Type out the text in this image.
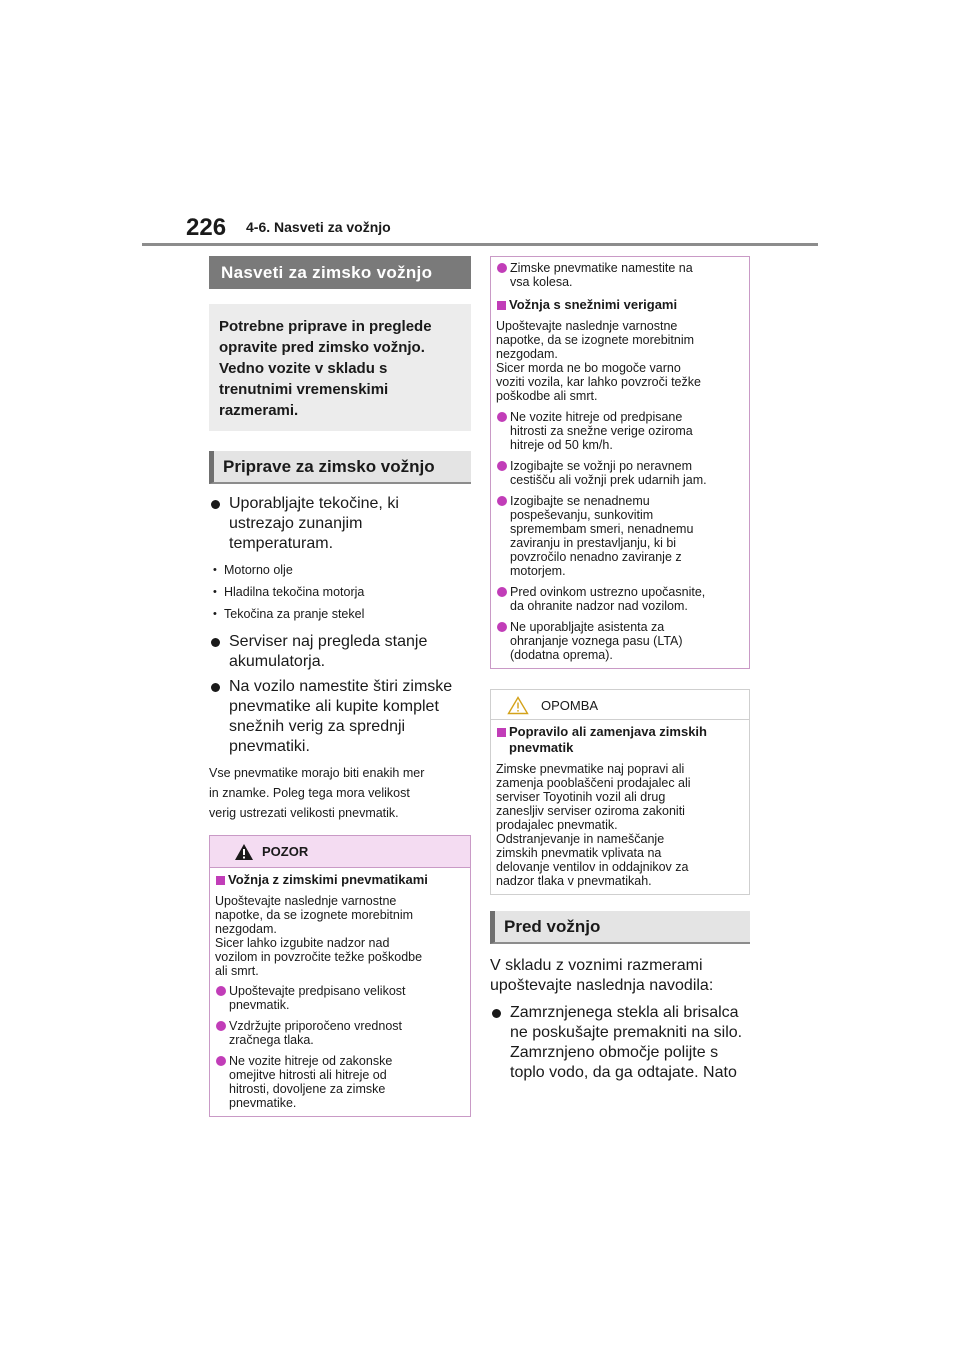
226 4-6. Nasveti za vožnjo
Nasveti za zimsko vožnjo
Potrebne priprave in preglede
opravite pred zimsko vožnjo.
Vedno vozite v skladu s
trenutnimi vremenskimi
razmerami.
Priprave za zimsko vožnjo
Uporabljajte tekočine, ki
ustrezajo zunanjim
temperaturam.
• Motorno olje
• Hladilna tekočina motorja
• Tekočina za pranje stekel
Serviser naj pregleda stanje
akumulatorja.
Na vozilo namestite štiri zimske
pnevmatike ali kupite komplet
snežnih verig za sprednji
pnevmatiki.
Vse pnevmatike morajo biti enakih mer
in znamke. Poleg tega mora velikost
verig ustrezati velikosti pnevmatik.
POZOR
Vožnja z zimskimi pnevmatikami
Upoštevajte naslednje varnostne
napotke, da se izognete morebitnim
nezgodam.
Sicer lahko izgubite nadzor nad
vozilom in povzročite težke poškodbe
ali smrt.
Upoštevajte predpisano velikost
pnevmatik.
Vzdržujte priporočeno vrednost
zračnega tlaka.
Ne vozite hitreje od zakonske
omejitve hitrosti ali hitreje od
hitrosti, dovoljene za zimske
pnevmatike.
Zimske pnevmatike namestite na
vsa kolesa.
Vožnja s snežnimi verigami
Upoštevajte naslednje varnostne
napotke, da se izognete morebitnim
nezgodam.
Sicer morda ne bo mogoče varno
voziti vozila, kar lahko povzroči težke
poškodbe ali smrt.
Ne vozite hitreje od predpisane
hitrosti za snežne verige oziroma
hitreje od 50 km/h.
Izogibajte se vožnji po neravnem
cestišču ali vožnji prek udarnih jam.
Izogibajte se nenadnemu
pospeševanju, sunkovitim
spremembam smeri, nenadnemu
zaviranju in prestavljanju, ki bi
povzročilo nenadno zaviranje z
motorjem.
Pred ovinkom ustrezno upočasnite,
da ohranite nadzor nad vozilom.
Ne uporabljajte asistenta za
ohranjanje voznega pasu (LTA)
(dodatna oprema).
OPOMBA
Popravilo ali zamenjava zimskih
pnevmatik
Zimske pnevmatike naj popravi ali
zamenja pooblaščeni prodajalec ali
serviser Toyotinih vozil ali drug
zanesljiv serviser oziroma zakoniti
prodajalec pnevmatik.
Odstranjevanje in nameščanje
zimskih pnevmatik vplivata na
delovanje ventilov in oddajnikov za
nadzor tlaka v pnevmatikah.
Pred vožnjo
V skladu z voznimi razmerami
upoštevajte naslednja navodila:
Zamrznjenega stekla ali brisalca
ne poskušajte premakniti na silo.
Zamrznjeno območje polijte s
toplo vodo, da ga odtajate. Nato
